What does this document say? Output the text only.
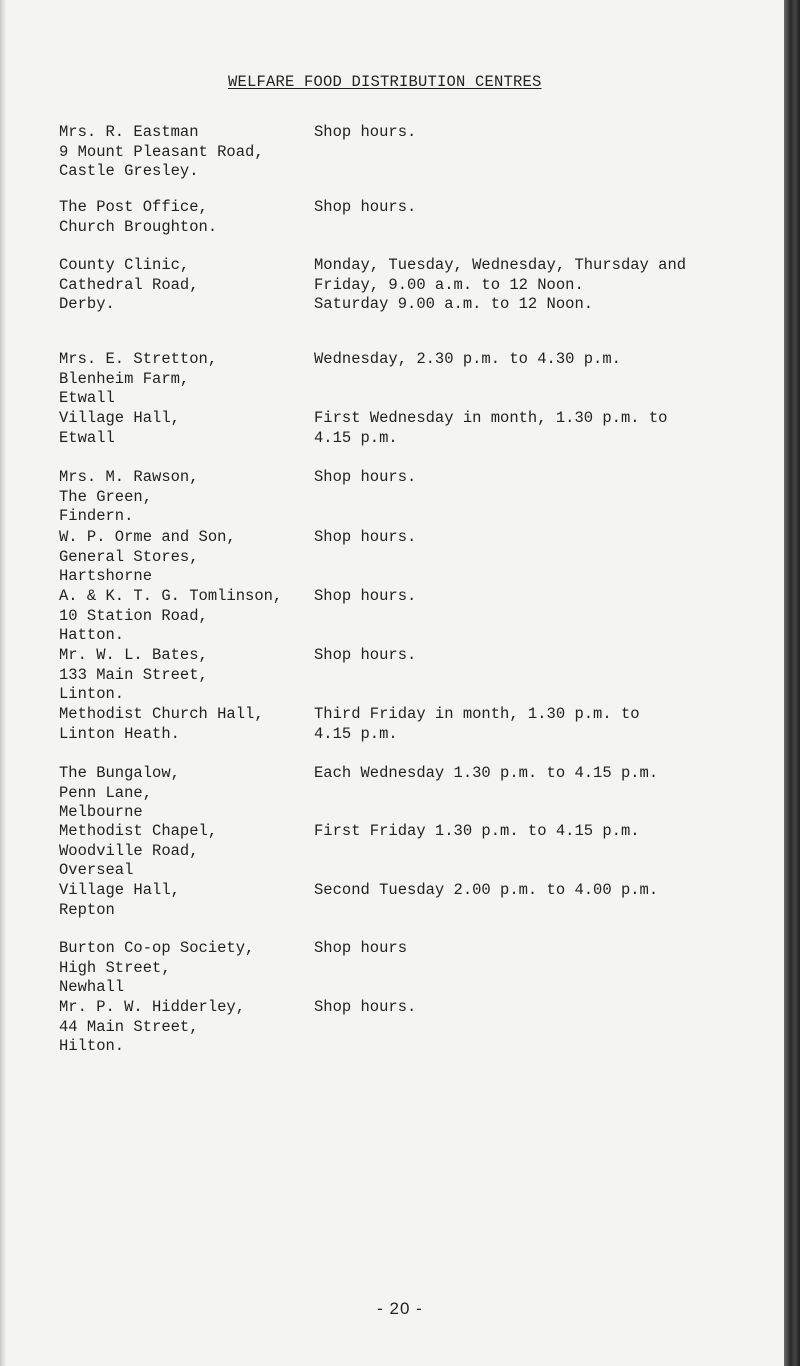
WELFARE FOOD DISTRIBUTION CENTRES
Mrs. R. Eastman
9 Mount Pleasant Road,
Castle Gresley.
Shop hours.
The Post Office,
Church Broughton.
Shop hours.
County Clinic,
Cathedral Road,
Derby.
Monday, Tuesday, Wednesday, Thursday and
Friday, 9.00 a.m. to 12 Noon.
Saturday 9.00 a.m. to 12 Noon.
Mrs. E. Stretton,
Blenheim Farm,
Etwall
Wednesday, 2.30 p.m. to 4.30 p.m.
Village Hall,
Etwall
First Wednesday in month, 1.30 p.m. to
4.15 p.m.
Mrs. M. Rawson,
The Green,
Findern.
Shop hours.
W. P. Orme and Son,
General Stores,
Hartshorne
Shop hours.
A. & K. T. G. Tomlinson,
10 Station Road,
Hatton.
Shop hours.
Mr. W. L. Bates,
133 Main Street,
Linton.
Shop hours.
Methodist Church Hall,
Linton Heath.
Third Friday in month, 1.30 p.m. to
4.15 p.m.
The Bungalow,
Penn Lane,
Melbourne
Each Wednesday 1.30 p.m. to 4.15 p.m.
Methodist Chapel,
Woodville Road,
Overseal
First Friday 1.30 p.m. to 4.15 p.m.
Village Hall,
Repton
Second Tuesday 2.00 p.m. to 4.00 p.m.
Burton Co-op Society,
High Street,
Newhall
Shop hours
Mr. P. W. Hidderley,
44 Main Street,
Hilton.
Shop hours.
- 20 -
